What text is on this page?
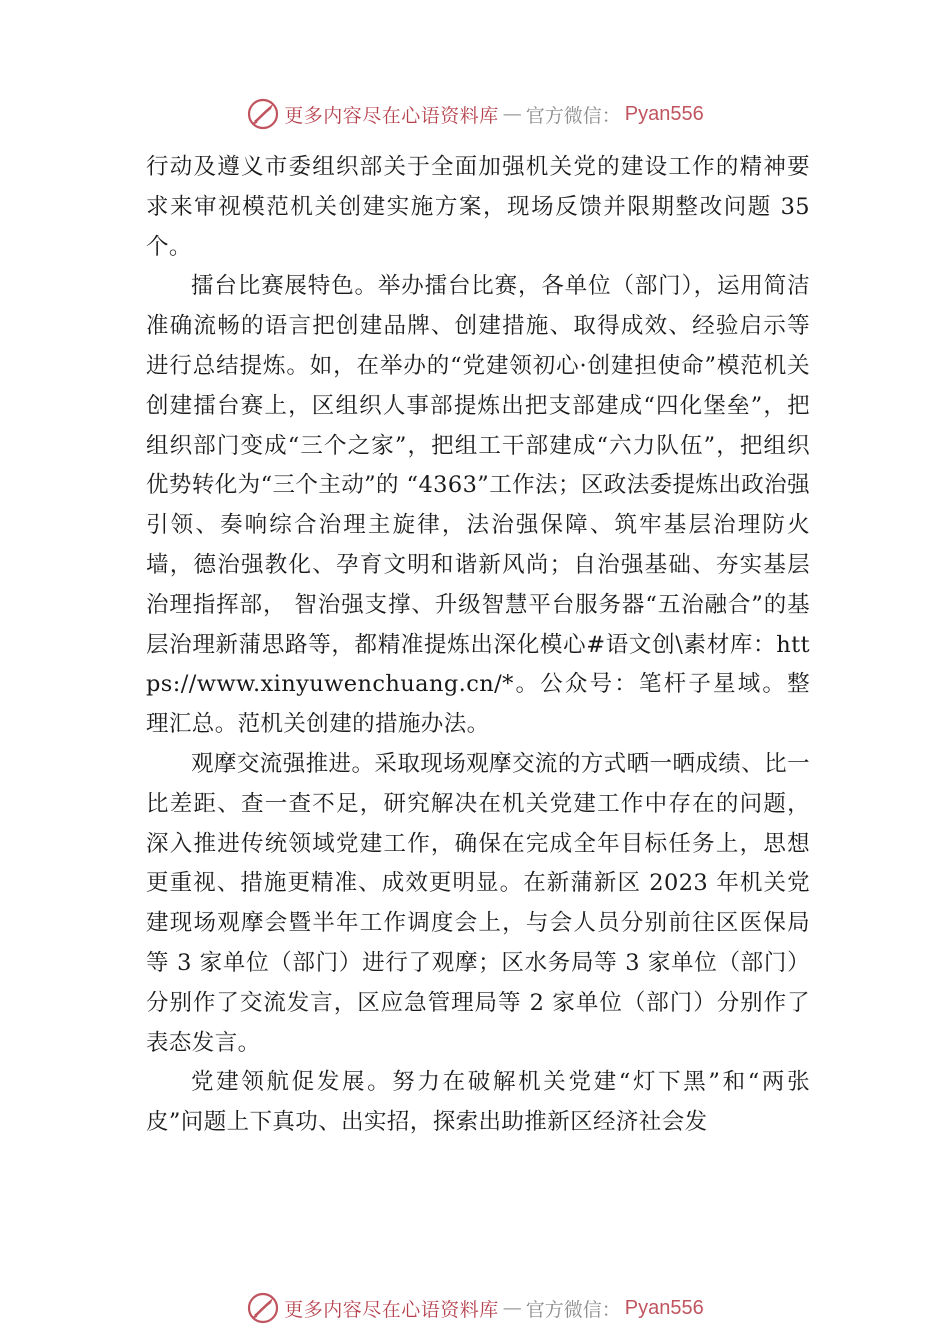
更多内容尽在心语资料库 — 官方微信： Pyan556

行动及遵义市委组织部关于全面加强机关党的建设工作的精神要求来审视模范机关创建实施方案，现场反馈并限期整改问题 35 个。

擂台比赛展特色。举办擂台比赛，各单位（部门），运用简洁准确流畅的语言把创建品牌、创建措施、取得成效、经验启示等进行总结提炼。如，在举办的“党建领初心·创建担使命”模范机关创建擂台赛上，区组织人事部提炼出把支部建成“四化堡垒”，把组织部门变成“三个之家”，把组工干部建成“六力队伍”，把组织优势转化为“三个主动”的 “4363”工作法；区政法委提炼出政治强引领、奏响综合治理主旋律，法治强保障、筑牢基层治理防火墙，德治强教化、孕育文明和谐新风尚；自治强基础、夯实基层治理指挥部， 智治强支撑、升级智慧平台服务器“五治融合”的基层治理新蒲思路等，都精准提炼出深化模心#语文创\素材库：https://www.xinyuwenchuang.cn/*。公众号：笔杆子星域。整理汇总。范机关创建的措施办法。

观摩交流强推进。采取现场观摩交流的方式晒一晒成绩、比一比差距、查一查不足，研究解决在机关党建工作中存在的问题，深入推进传统领域党建工作，确保在完成全年目标任务上，思想更重视、措施更精准、成效更明显。在新蒲新区 2023 年机关党建现场观摩会暨半年工作调度会上，与会人员分别前往区医保局等 3 家单位（部门）进行了观摩；区水务局等 3 家单位（部门）分别作了交流发言，区应急管理局等 2 家单位（部门）分别作了表态发言。

党建领航促发展。努力在破解机关党建“灯下黑”和“两张皮”问题上下真功、出实招，探索出助推新区经济社会发

更多内容尽在心语资料库 — 官方微信： Pyan556
